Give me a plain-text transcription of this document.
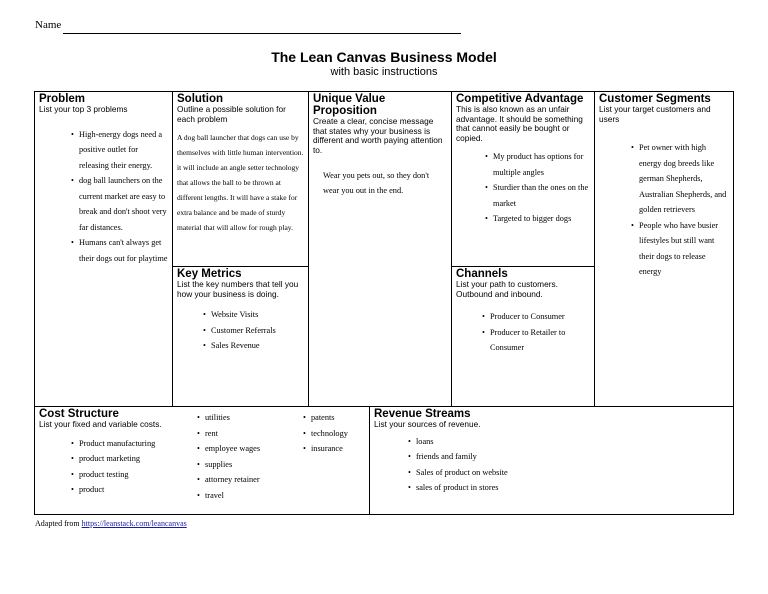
Name
The Lean Canvas Business Model
with basic instructions
Problem
List your top 3 problems
• High-energy dogs need a positive outlet for releasing their energy.
• dog ball launchers on the current market are easy to break and don't shoot very far distances.
• Humans can't always get their dogs out for playtime
Solution
Outline a possible solution for each problem
A dog ball launcher that dogs can use by themselves with little human intervention. it will include an angle setter technology that allows the ball to be thrown at different lengths. It will have a stake for extra balance and be made of sturdy material that will allow for rough play.
Key Metrics
List the key numbers that tell you how your business is doing.
• Website Visits
• Customer Referrals
• Sales Revenue
Unique Value Proposition
Create a clear, concise message that states why your business is different and worth paying attention to.
Wear you pets out, so they don't wear you out in the end.
Competitive Advantage
This is also known as an unfair advantage. It should be something that cannot easily be bought or copied.
• My product has options for multiple angles
• Sturdier than the ones on the market
• Targeted to bigger dogs
Channels
List your path to customers. Outbound and inbound.
• Producer to Consumer
• Producer to Retailer to Consumer
Customer Segments
List your target customers and users
• Pet owner with high energy dog breeds like german Shepherds, Australian Shepherds, and golden retrievers
• People who have busier lifestyles but still want their dogs to release energy
Cost Structure
List your fixed and variable costs.
• Product manufacturing
• product marketing
• product testing
• product
• utilities
• rent
• employee wages
• supplies
• attorney retainer
• travel
• patents
• technology
• insurance
Revenue Streams
List your sources of revenue.
• loans
• friends and family
• Sales of product on website
• sales of product in stores
Adapted from https://leanstack.com/leancanvas
